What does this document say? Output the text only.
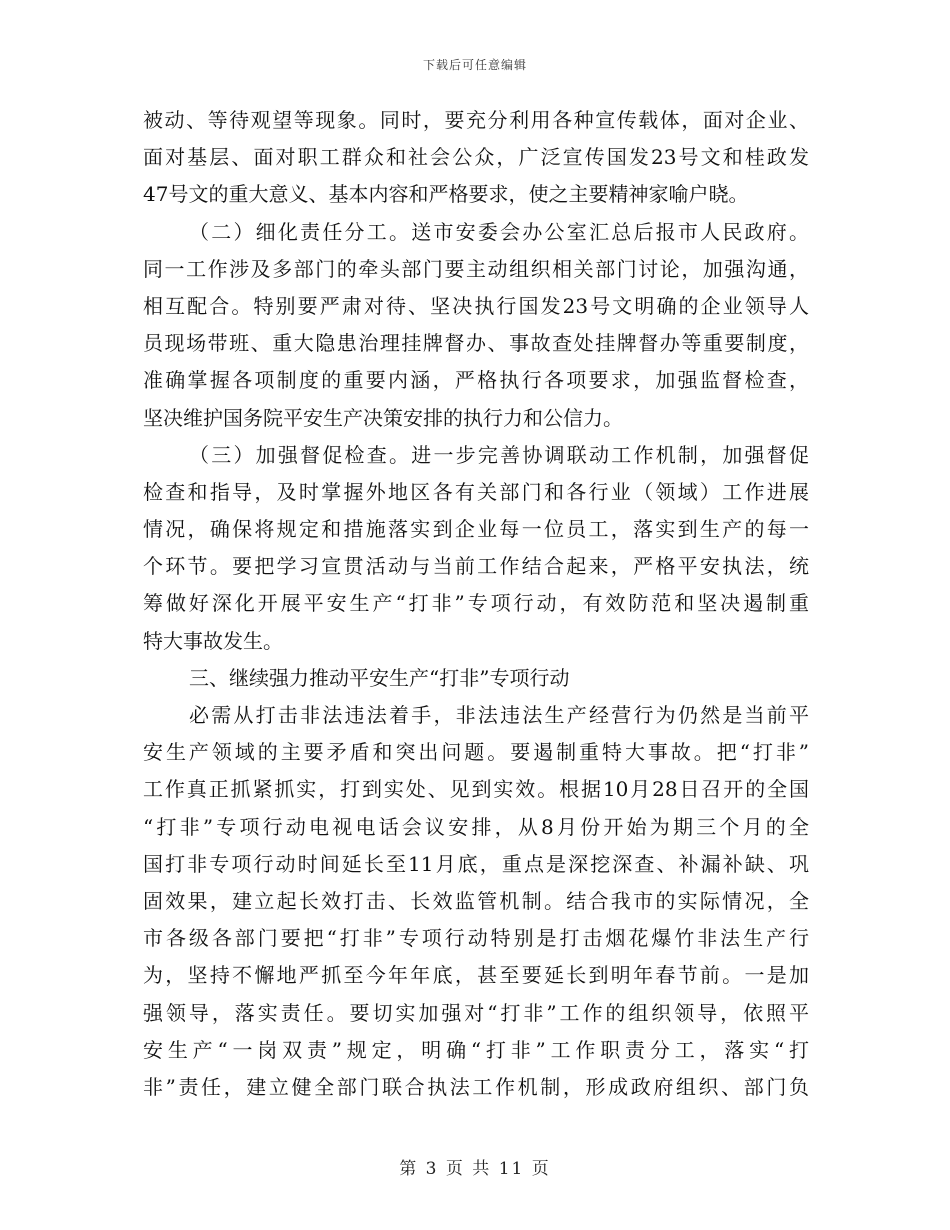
下载后可任意编辑
被动、等待观望等现象。同时，要充分利用各种宣传载体，面对企业、
面对基层、面对职工群众和社会公众，广泛宣传国发23号文和桂政发
47号文的重大意义、基本内容和严格要求，使之主要精神家喻户晓。
（二）细化责任分工。送市安委会办公室汇总后报市人民政府。
同一工作涉及多部门的牵头部门要主动组织相关部门讨论，加强沟通，
相互配合。特别要严肃对待、坚决执行国发23号文明确的企业领导人
员现场带班、重大隐患治理挂牌督办、事故查处挂牌督办等重要制度，
准确掌握各项制度的重要内涵，严格执行各项要求，加强监督检查，
坚决维护国务院平安生产决策安排的执行力和公信力。
（三）加强督促检查。进一步完善协调联动工作机制，加强督促
检查和指导，及时掌握外地区各有关部门和各行业（领域）工作进展
情况，确保将规定和措施落实到企业每一位员工，落实到生产的每一
个环节。要把学习宣贯活动与当前工作结合起来，严格平安执法，统
筹做好深化开展平安生产“打非”专项行动，有效防范和坚决遏制重
特大事故发生。
三、继续强力推动平安生产“打非”专项行动
必需从打击非法违法着手，非法违法生产经营行为仍然是当前平
安生产领域的主要矛盾和突出问题。要遏制重特大事故。把“打非”
工作真正抓紧抓实，打到实处、见到实效。根据10月28日召开的全国
“打非”专项行动电视电话会议安排，从8月份开始为期三个月的全
国打非专项行动时间延长至11月底，重点是深挖深查、补漏补缺、巩
固效果，建立起长效打击、长效监管机制。结合我市的实际情况，全
市各级各部门要把“打非”专项行动特别是打击烟花爆竹非法生产行
为，坚持不懈地严抓至今年年底，甚至要延长到明年春节前。一是加
强领导，落实责任。要切实加强对“打非”工作的组织领导，依照平
安生产“一岗双责”规定，明确“打非”工作职责分工，落实“打
非”责任，建立健全部门联合执法工作机制，形成政府组织、部门负
第 3 页 共 11 页
